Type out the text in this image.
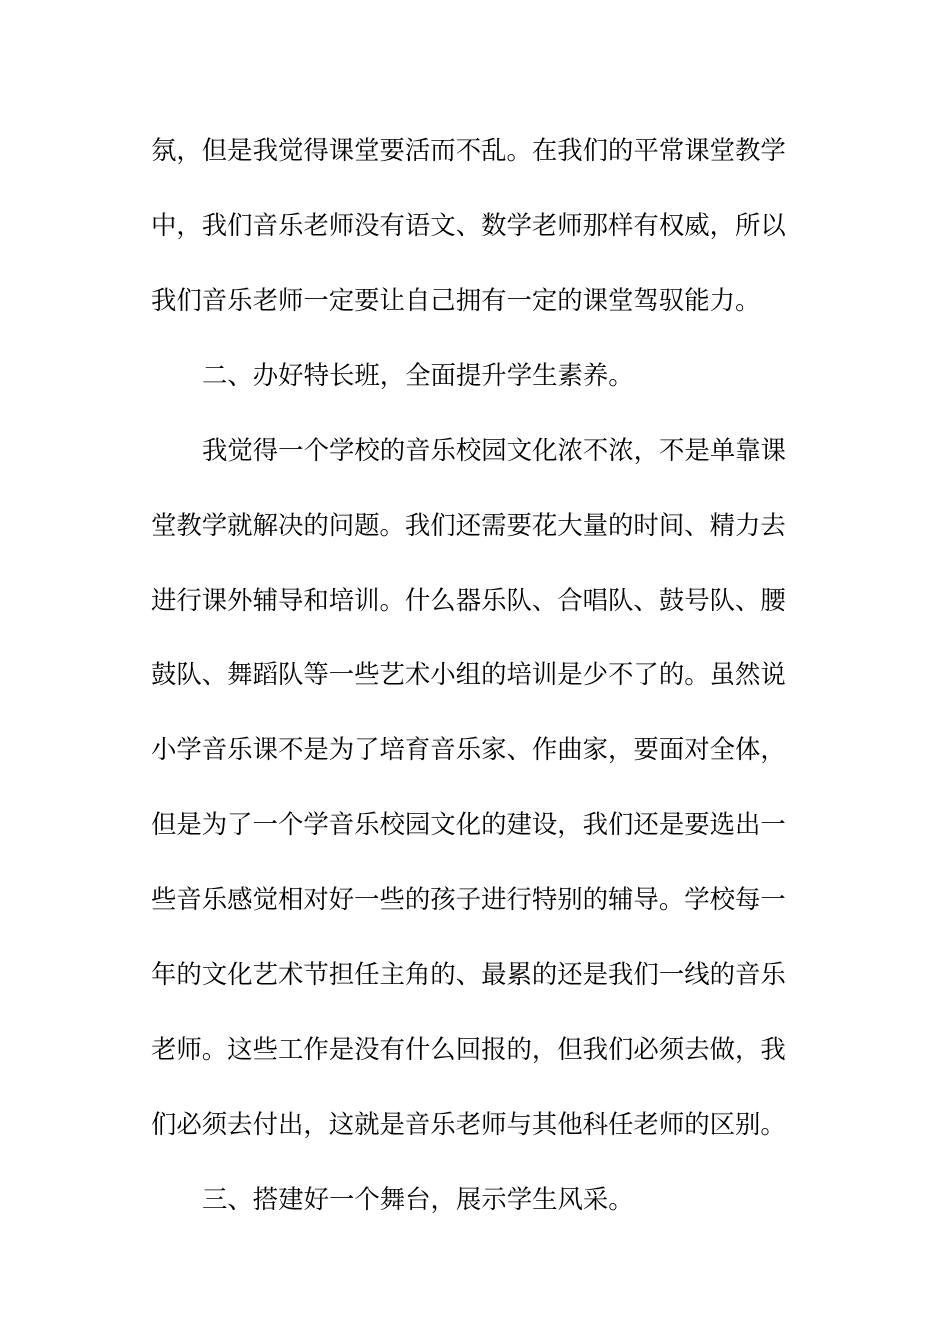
氛，但是我觉得课堂要活而不乱。在我们的平常课堂教学
中，我们音乐老师没有语文、数学老师那样有权威，所以
我们音乐老师一定要让自己拥有一定的课堂驾驭能力。
二、办好特长班，全面提升学生素养。
我觉得一个学校的音乐校园文化浓不浓，不是单靠课
堂教学就解决的问题。我们还需要花大量的时间、精力去
进行课外辅导和培训。什么器乐队、合唱队、鼓号队、腰
鼓队、舞蹈队等一些艺术小组的培训是少不了的。虽然说
小学音乐课不是为了培育音乐家、作曲家，要面对全体，
但是为了一个学音乐校园文化的建设，我们还是要选出一
些音乐感觉相对好一些的孩子进行特别的辅导。学校每一
年的文化艺术节担任主角的、最累的还是我们一线的音乐
老师。这些工作是没有什么回报的，但我们必须去做，我
们必须去付出，这就是音乐老师与其他科任老师的区别。
三、搭建好一个舞台，展示学生风采。
